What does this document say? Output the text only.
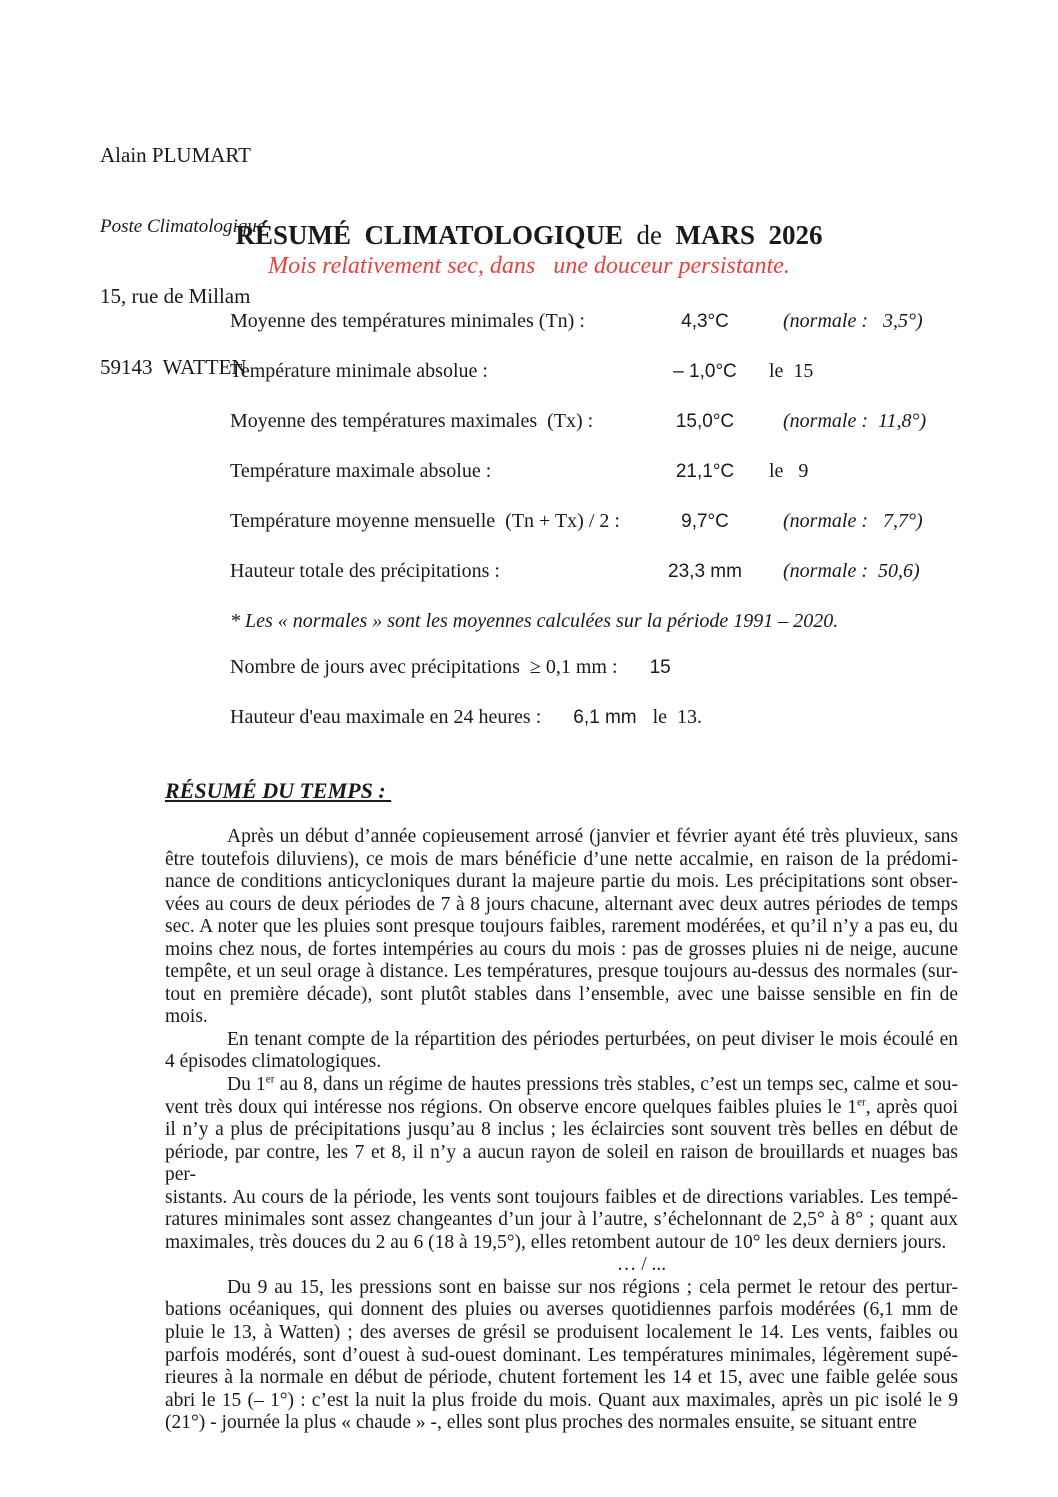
Alain PLUMART

Poste Climatologique

15, rue de Millam

59143  WATTEN

RÉSUMÉ  CLIMATOLOGIQUE  de  MARS  2026
Mois relativement sec, dans   une douceur persistante.
Moyenne des températures minimales (Tn) :	4,3°C	(normale :   3,5°)
Température minimale absolue :	– 1,0°C	le  15
Moyenne des températures maximales  (Tx) :	15,0°C	(normale :  11,8°)
Température maximale absolue :	21,1°C	le   9
Température moyenne mensuelle  (Tn + Tx) / 2 :	9,7°C	(normale :   7,7°)
Hauteur totale des précipitations :	23,3 mm	(normale :  50,6)
* Les « normales » sont les moyennes calculées sur la période 1991 – 2020.
Nombre de jours avec précipitations  ≥ 0,1 mm : 15
Hauteur d'eau maximale en 24 heures : 6,1 mm le  13.
RÉSUMÉ DU TEMPS :
Après un début d’année copieusement arrosé (janvier et février ayant été très pluvieux, sans
être toutefois diluviens), ce mois de mars bénéficie d’une nette accalmie, en raison de la prédomi-
nance de conditions anticycloniques durant la majeure partie du mois. Les précipitations sont obser-
vées au cours de deux périodes de 7 à 8 jours chacune, alternant avec deux autres périodes de temps
sec. A noter que les pluies sont presque toujours faibles, rarement modérées, et qu’il n’y a pas eu, du
moins chez nous, de fortes intempéries au cours du mois : pas de grosses pluies ni de neige, aucune
tempête, et un seul orage à distance. Les températures, presque toujours au-dessus des normales (sur-
tout en première décade), sont plutôt stables dans l’ensemble, avec une baisse sensible en fin de mois.
En tenant compte de la répartition des périodes perturbées, on peut diviser le mois écoulé en
4 épisodes climatologiques.
Du 1er au 8, dans un régime de hautes pressions très stables, c’est un temps sec, calme et sou-
vent très doux qui intéresse nos régions. On observe encore quelques faibles pluies le 1er, après quoi
il n’y a plus de précipitations jusqu’au 8 inclus ; les éclaircies sont souvent très belles en début de
période, par contre, les 7 et 8, il n’y a aucun rayon de soleil en raison de brouillards et nuages bas per-
sistants. Au cours de la période, les vents sont toujours faibles et de directions variables. Les tempé-
ratures minimales sont assez changeantes d’un jour à l’autre, s’échelonnant de 2,5° à 8° ; quant aux
maximales, très douces du 2 au 6 (18 à 19,5°), elles retombent autour de 10° les deux derniers jours.
… / ...
Du 9 au 15, les pressions sont en baisse sur nos régions ; cela permet le retour des pertur-
bations océaniques, qui donnent des pluies ou averses quotidiennes parfois modérées (6,1 mm de
pluie le 13, à Watten) ; des averses de grésil se produisent localement le 14. Les vents, faibles ou
parfois modérés, sont d’ouest à sud-ouest dominant. Les températures minimales, légèrement supé-
rieures à la normale en début de période, chutent fortement les 14 et 15, avec une faible gelée sous
abri le 15 (– 1°) : c’est la nuit la plus froide du mois. Quant aux maximales, après un pic isolé le 9
(21°) - journée la plus « chaude » -, elles sont plus proches des normales ensuite, se situant entre
